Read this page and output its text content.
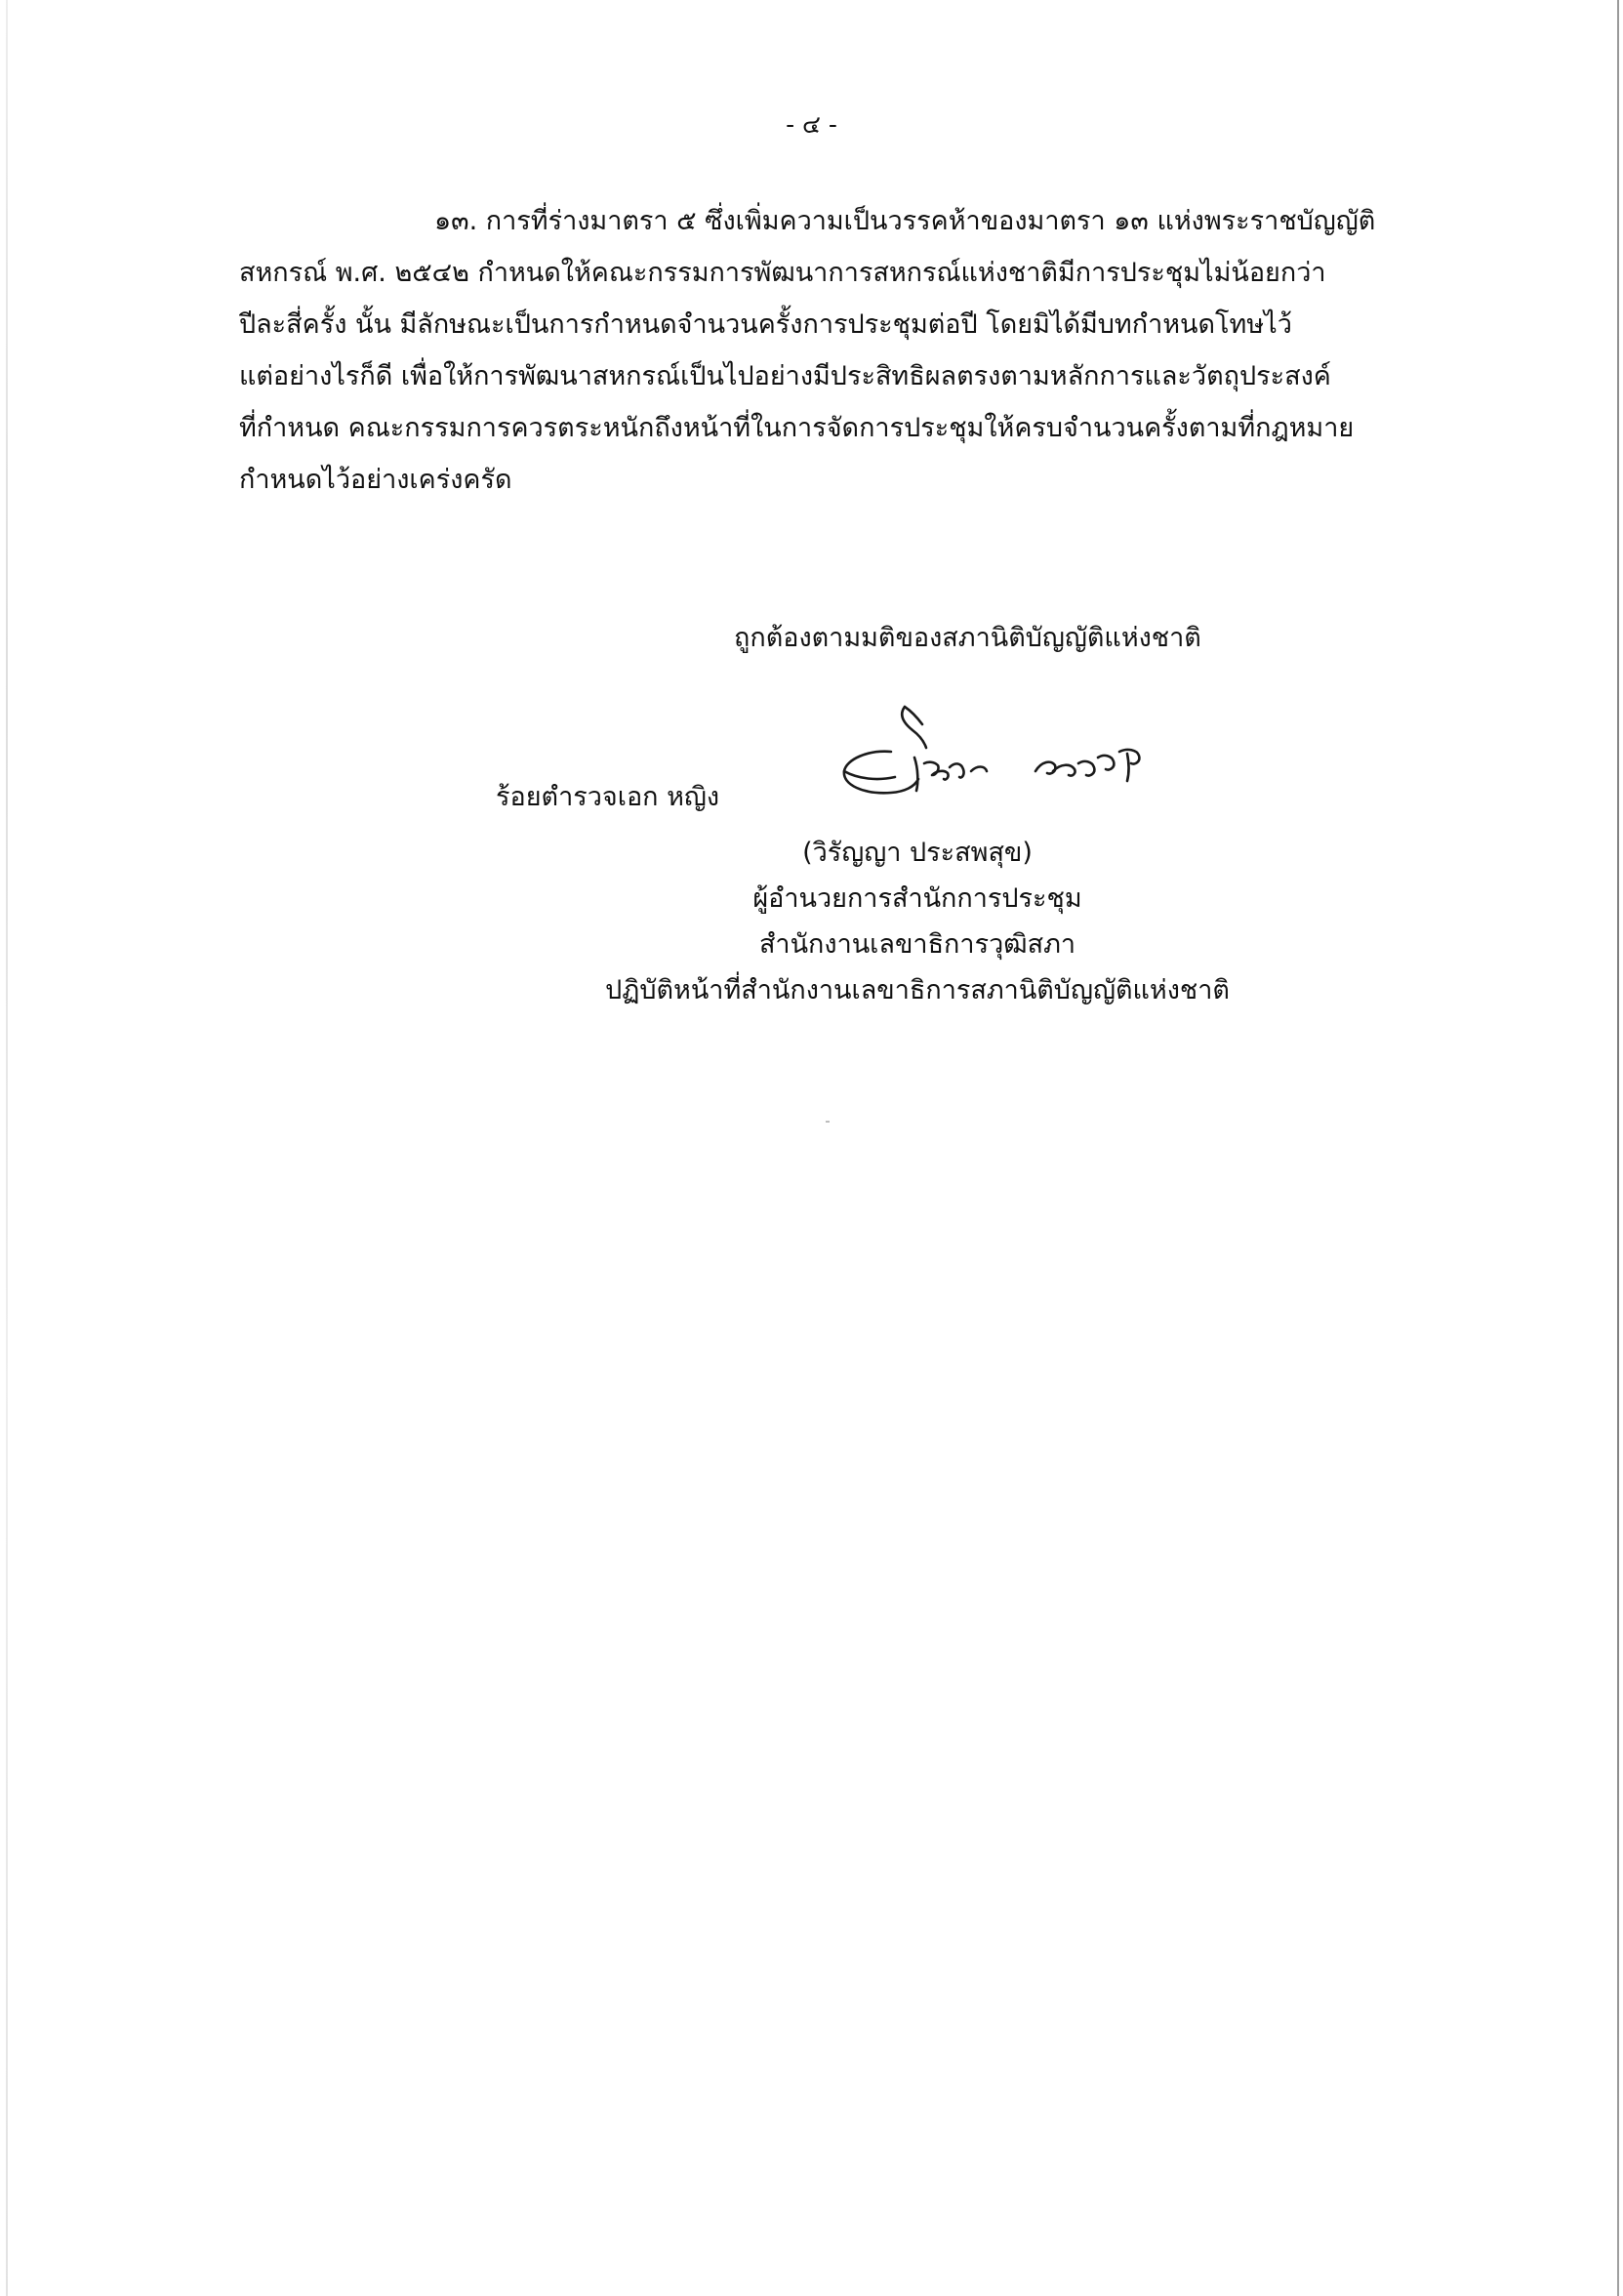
- ๔ -
๑๓. การที่ร่างมาตรา ๕ ซึ่งเพิ่มความเป็นวรรคห้าของมาตรา ๑๓ แห่งพระราชบัญญัติ
สหกรณ์ พ.ศ. ๒๕๔๒ กำหนดให้คณะกรรมการพัฒนาการสหกรณ์แห่งชาติมีการประชุมไม่น้อยกว่า
ปีละสี่ครั้ง นั้น มีลักษณะเป็นการกำหนดจำนวนครั้งการประชุมต่อปี โดยมิได้มีบทกำหนดโทษไว้
แต่อย่างไรก็ดี เพื่อให้การพัฒนาสหกรณ์เป็นไปอย่างมีประสิทธิผลตรงตามหลักการและวัตถุประสงค์
ที่กำหนด คณะกรรมการควรตระหนักถึงหน้าที่ในการจัดการประชุมให้ครบจำนวนครั้งตามที่กฎหมาย
กำหนดไว้อย่างเคร่งครัด
ถูกต้องตามมติของสภานิติบัญญัติแห่งชาติ
ร้อยตำรวจเอก หญิง
(วิรัญญา ประสพสุข)
ผู้อำนวยการสำนักการประชุม
สำนักงานเลขาธิการวุฒิสภา
ปฏิบัติหน้าที่สำนักงานเลขาธิการสภานิติบัญญัติแห่งชาติ
